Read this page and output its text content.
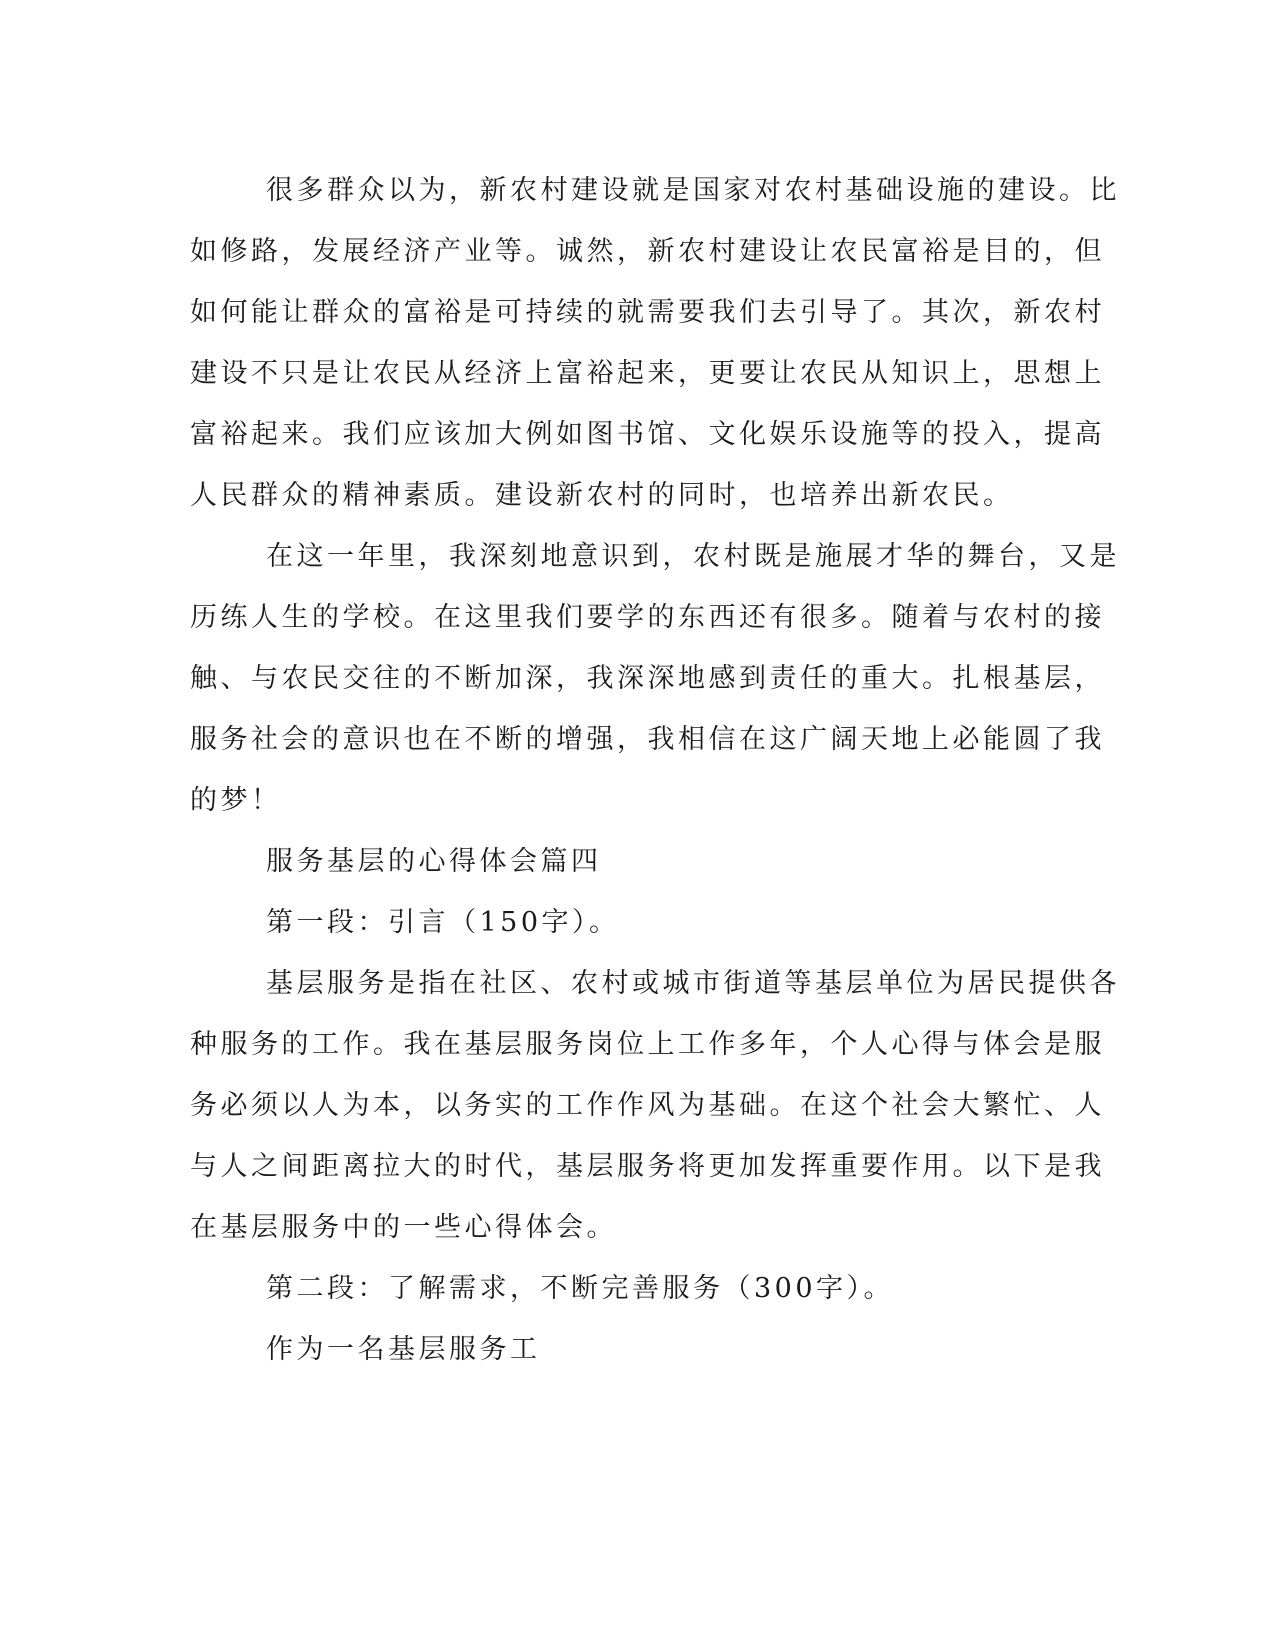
很多群众以为，新农村建设就是国家对农村基础设施的建设。比
如修路，发展经济产业等。诚然，新农村建设让农民富裕是目的，但
如何能让群众的富裕是可持续的就需要我们去引导了。其次，新农村
建设不只是让农民从经济上富裕起来，更要让农民从知识上，思想上
富裕起来。我们应该加大例如图书馆、文化娱乐设施等的投入，提高
人民群众的精神素质。建设新农村的同时，也培养出新农民。
在这一年里，我深刻地意识到，农村既是施展才华的舞台，又是
历练人生的学校。在这里我们要学的东西还有很多。随着与农村的接
触、与农民交往的不断加深，我深深地感到责任的重大。扎根基层，
服务社会的意识也在不断的增强，我相信在这广阔天地上必能圆了我
的梦！
服务基层的心得体会篇四
第一段：引言（150字）。
基层服务是指在社区、农村或城市街道等基层单位为居民提供各
种服务的工作。我在基层服务岗位上工作多年，个人心得与体会是服
务必须以人为本，以务实的工作作风为基础。在这个社会大繁忙、人
与人之间距离拉大的时代，基层服务将更加发挥重要作用。以下是我
在基层服务中的一些心得体会。
第二段：了解需求，不断完善服务（300字）。
作为一名基层服务工
